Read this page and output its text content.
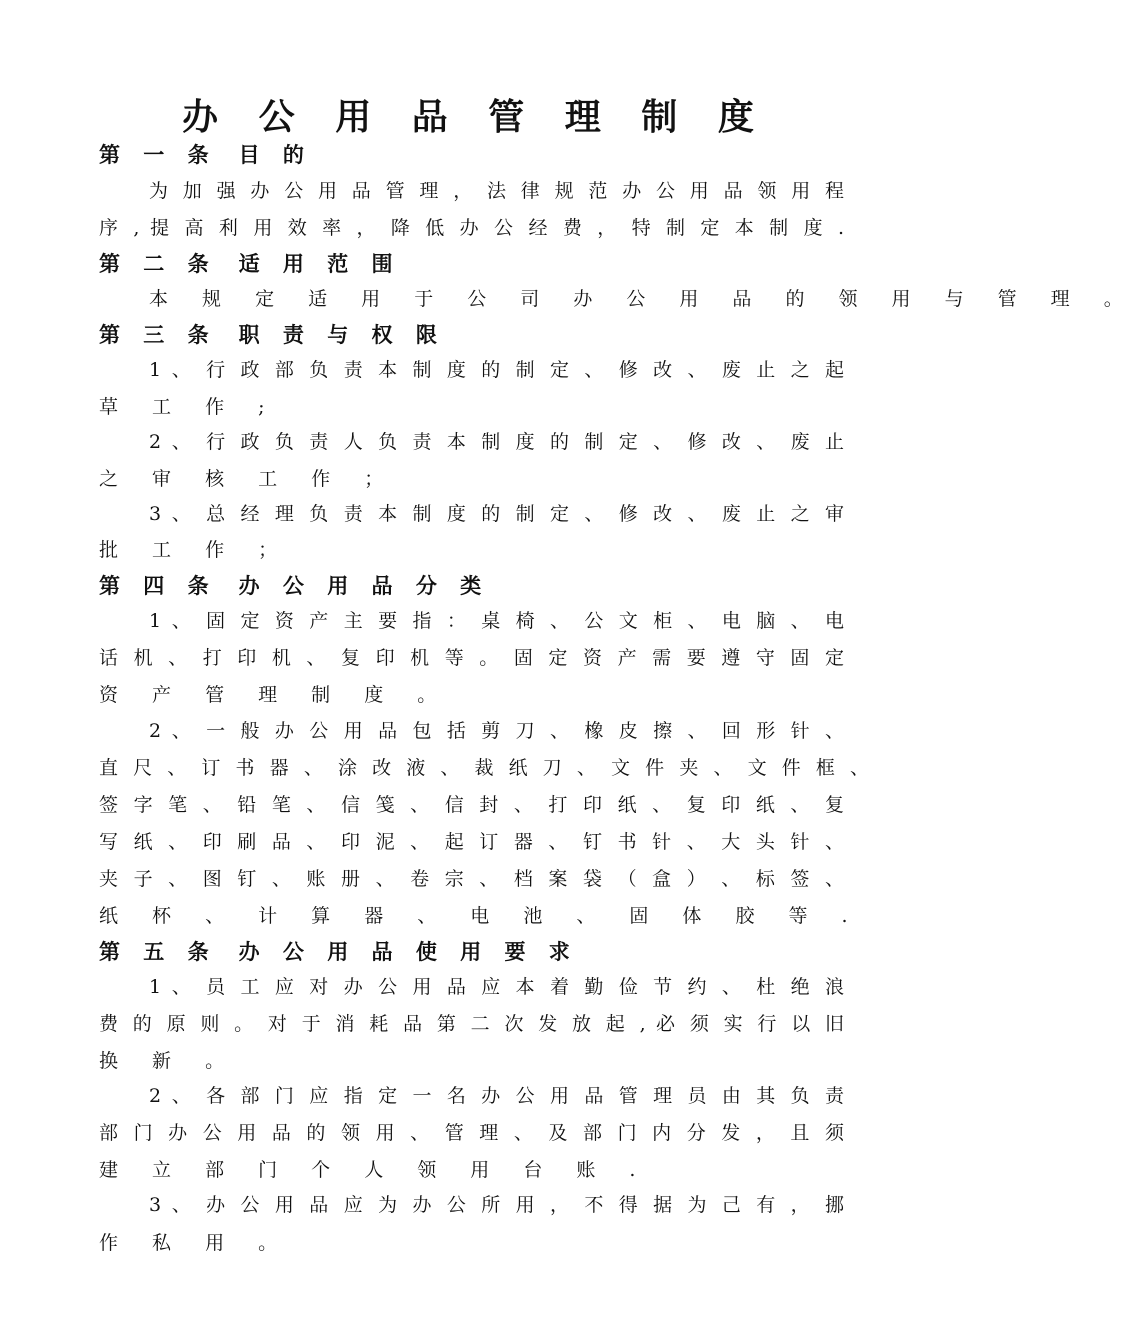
办 公 用 品 管 理 制 度
第 一 条 目 的
为 加 强 办 公 用 品 管 理 ， 法 律 规 范 办 公 用 品 领 用 程
序 , 提 高 利 用 效 率 ， 降 低 办 公 经 费 ， 特 制 定 本 制 度 .
第 二 条 适 用 范 围
本 规 定 适 用 于 公 司 办 公 用 品 的 领 用 与 管 理 。
第 三 条 职 责 与 权 限
1 、 行 政 部 负 责 本 制 度 的 制 定 、 修 改 、 废 止 之 起
草 工 作 ;
2 、 行 政 负 责 人 负 责 本 制 度 的 制 定 、 修 改 、 废 止
之 审 核 工 作 ；
3 、 总 经 理 负 责 本 制 度 的 制 定 、 修 改 、 废 止 之 审
批 工 作 ；
第 四 条 办 公 用 品 分 类
1 、 固 定 资 产 主 要 指 ： 桌 椅 、 公 文 柜 、 电 脑 、 电
话 机 、 打 印 机 、 复 印 机 等 。 固 定 资 产 需 要 遵 守 固 定
资 产 管 理 制 度 。
2 、 一 般 办 公 用 品 包 括 剪 刀 、 橡 皮 擦 、 回 形 针 、
直 尺 、 订 书 器 、 涂 改 液 、 裁 纸 刀 、 文 件 夹 、 文 件 框 、
签 字 笔 、 铅 笔 、 信 笺 、 信 封 、 打 印 纸 、 复 印 纸 、 复
写 纸 、 印 刷 品 、 印 泥 、 起 订 器 、 钉 书 针 、 大 头 针 、
夹 子 、 图 钉 、 账 册 、 卷 宗 、 档 案 袋 （ 盒 ） 、 标 签 、
纸 杯 、 计 算 器 、 电 池 、 固 体 胶 等 .
第 五 条 办 公 用 品 使 用 要 求
1 、 员 工 应 对 办 公 用 品 应 本 着 勤 俭 节 约 、 杜 绝 浪
费 的 原 则 。 对 于 消 耗 品 第 二 次 发 放 起 , 必 须 实 行 以 旧
换 新 。
2 、 各 部 门 应 指 定 一 名 办 公 用 品 管 理 员 由 其 负 责
部 门 办 公 用 品 的 领 用 、 管 理 、 及 部 门 内 分 发 ， 且 须
建 立 部 门 个 人 领 用 台 账 .
3 、 办 公 用 品 应 为 办 公 所 用 ， 不 得 据 为 己 有 ， 挪
作 私 用 。
